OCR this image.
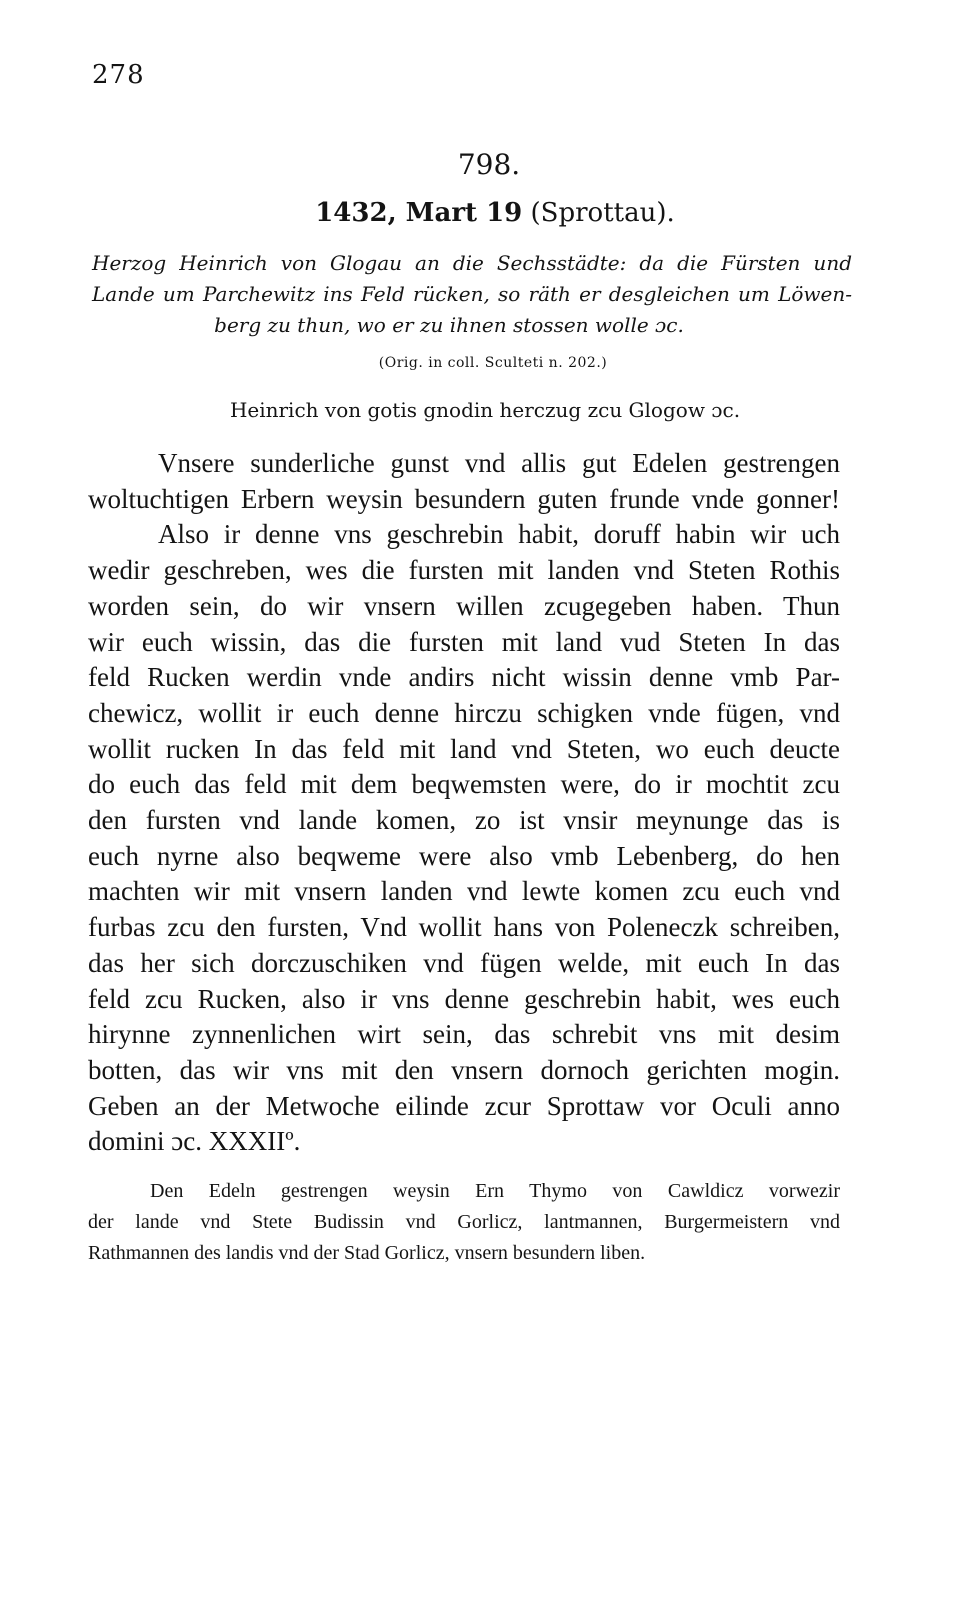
278
798.
1432, Mart 19 (Sprottau).
Herzog Heinrich von Glogau an die Sechsstädte: da die Fürsten und
Lande um Parchewitz ins Feld rücken, so räth er desgleichen um Löwen-
berg zu thun, wo er zu ihnen stossen wolle ɔc.
(Orig. in coll. Sculteti n. 202.)
Heinrich von gotis gnodin herczug zcu Glogow ɔc.
Vnsere sunderliche gunst vnd allis gut Edelen gestrengen
woltuchtigen Erbern weysin besundern guten frunde vnde gonner!
Also ir denne vns geschrebin habit, doruff habin wir uch
wedir geschreben, wes die fursten mit landen vnd Steten Rothis
worden sein, do wir vnsern willen zcugegeben haben. Thun
wir euch wissin, das die fursten mit land vud Steten In das
feld Rucken werdin vnde andirs nicht wissin denne vmb Par-
chewicz, wollit ir euch denne hirczu schigken vnde fügen, vnd
wollit rucken In das feld mit land vnd Steten, wo euch deucte
do euch das feld mit dem beqwemsten were, do ir mochtit zcu
den fursten vnd lande komen, zo ist vnsir meynunge das is
euch nyrne also beqweme were also vmb Lebenberg, do hen
machten wir mit vnsern landen vnd lewte komen zcu euch vnd
furbas zcu den fursten, Vnd wollit hans von Poleneczk schreiben,
das her sich dorczuschiken vnd fügen welde, mit euch In das
feld zcu Rucken, also ir vns denne geschrebin habit, wes euch
hirynne zynnenlichen wirt sein, das schrebit vns mit desim
botten, das wir vns mit den vnsern dornoch gerichten mogin.
Geben an der Metwoche eilinde zcur Sprottaw vor Oculi anno
domini ɔc. XXXIIº.
Den Edeln gestrengen weysin Ern Thymo von Cawldicz vorwezir
der lande vnd Stete Budissin vnd Gorlicz, lantmannen, Burgermeistern vnd
Rathmannen des landis vnd der Stad Gorlicz, vnsern besundern liben.
